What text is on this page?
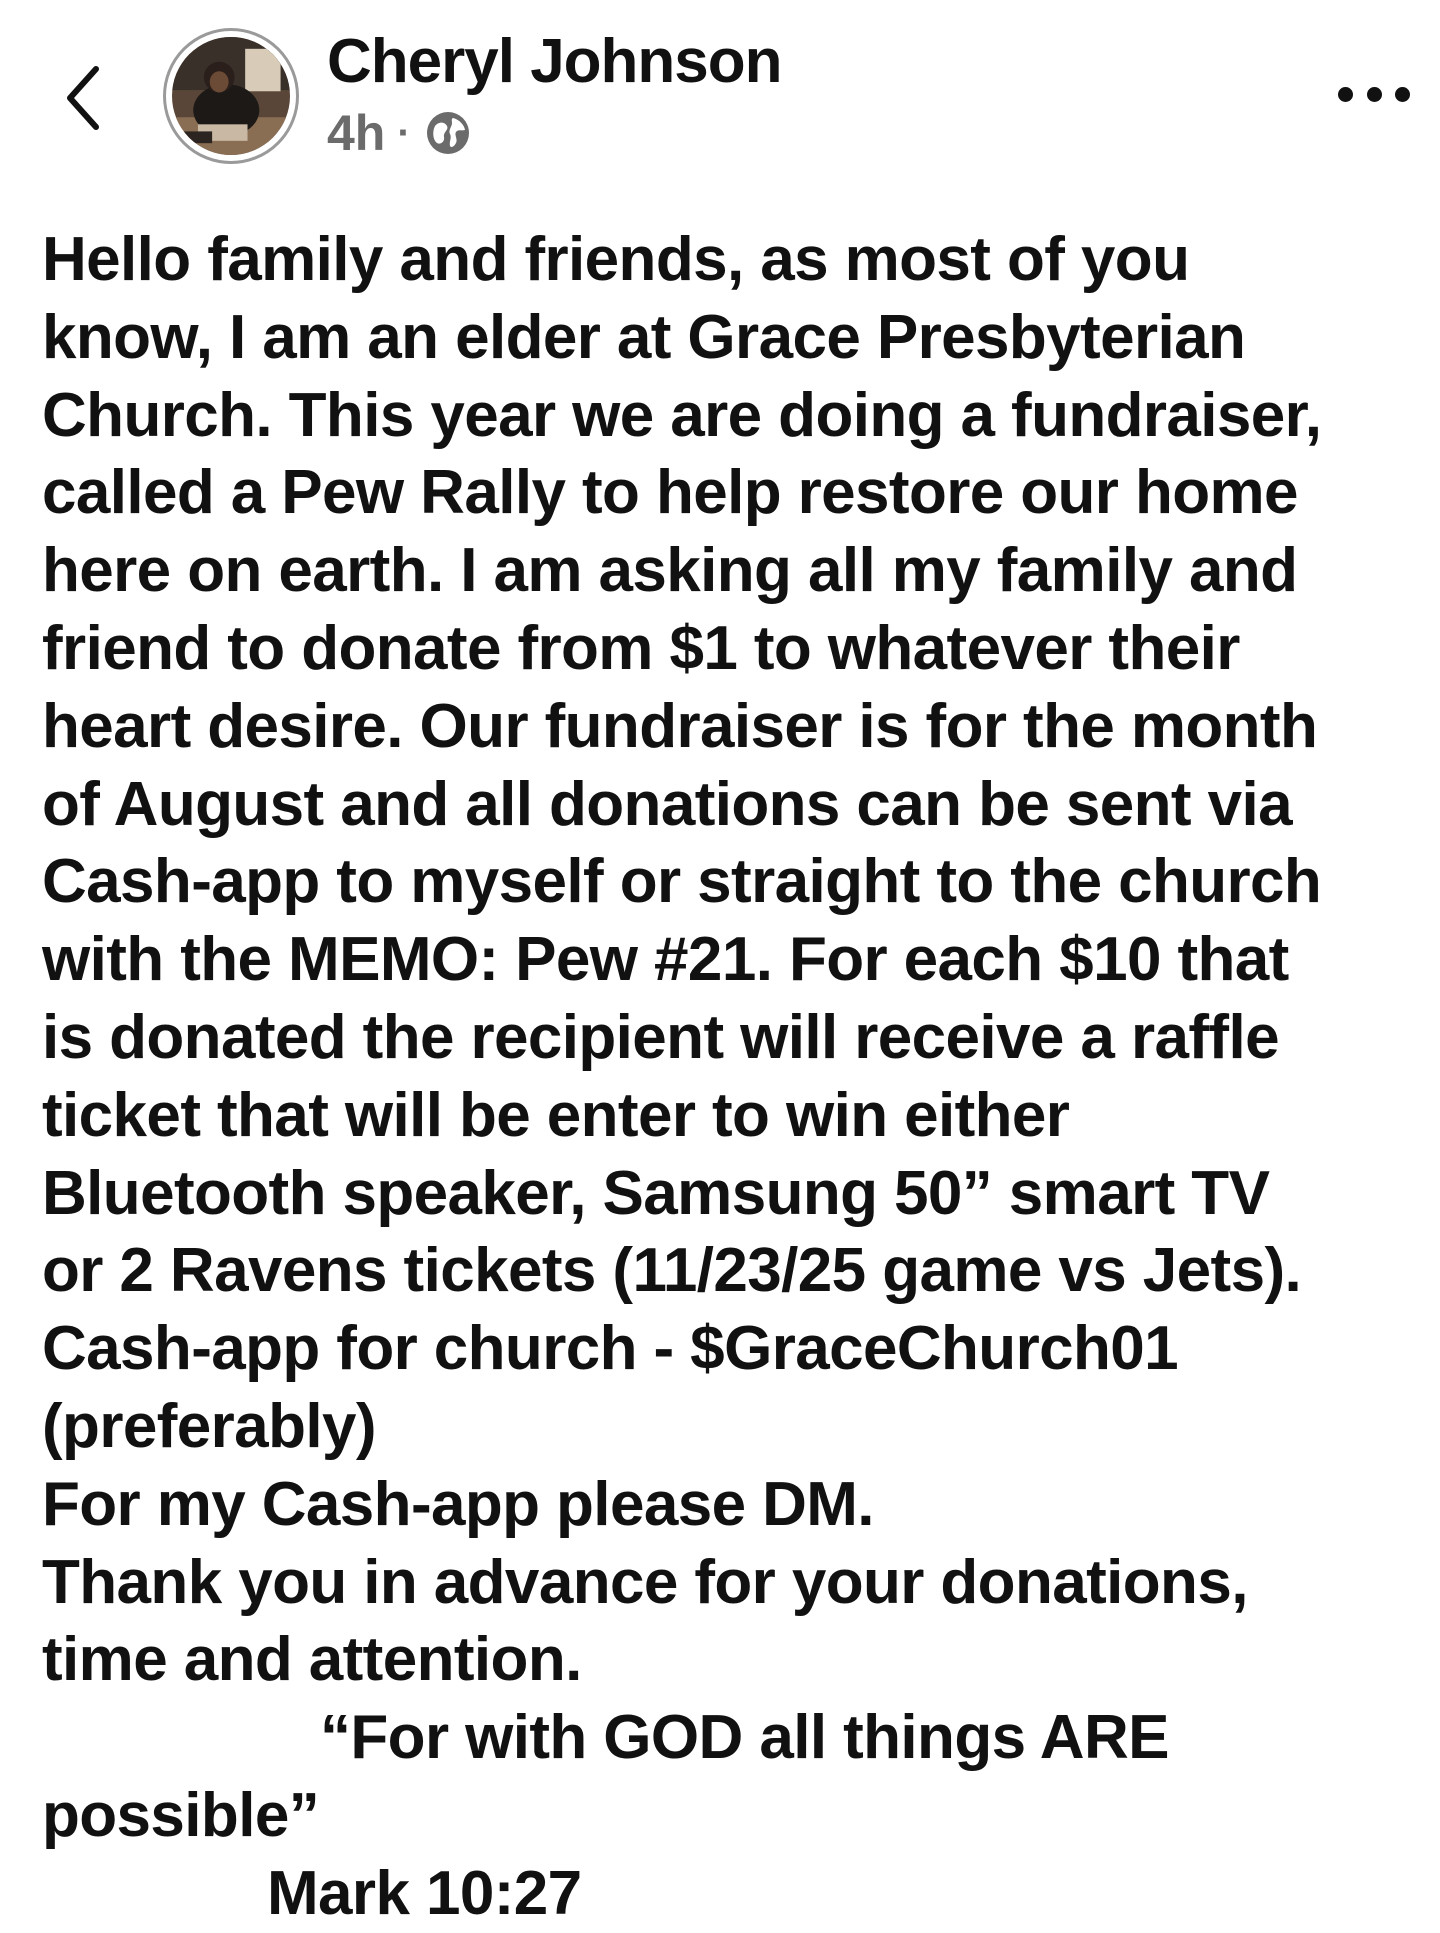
Cheryl Johnson
4h ·
Hello family and friends, as most of you
know, I am an elder at Grace Presbyterian
Church. This year we are doing a fundraiser,
called a Pew Rally to help restore our home
here on earth. I am asking all my family and
friend to donate from $1 to whatever their
heart desire. Our fundraiser is for the month
of August and all donations can be sent via
Cash-app to myself or straight to the church
with the MEMO: Pew #21. For each $10 that
is donated the recipient will receive a raffle
ticket that will be enter to win either
Bluetooth speaker, Samsung 50” smart TV
or 2 Ravens tickets (11/23/25 game vs Jets).
Cash-app for church - $GraceChurch01
(preferably)
For my Cash-app please DM.
Thank you in advance for your donations,
time and attention.
“For with GOD all things ARE
possible”
Mark 10:27
